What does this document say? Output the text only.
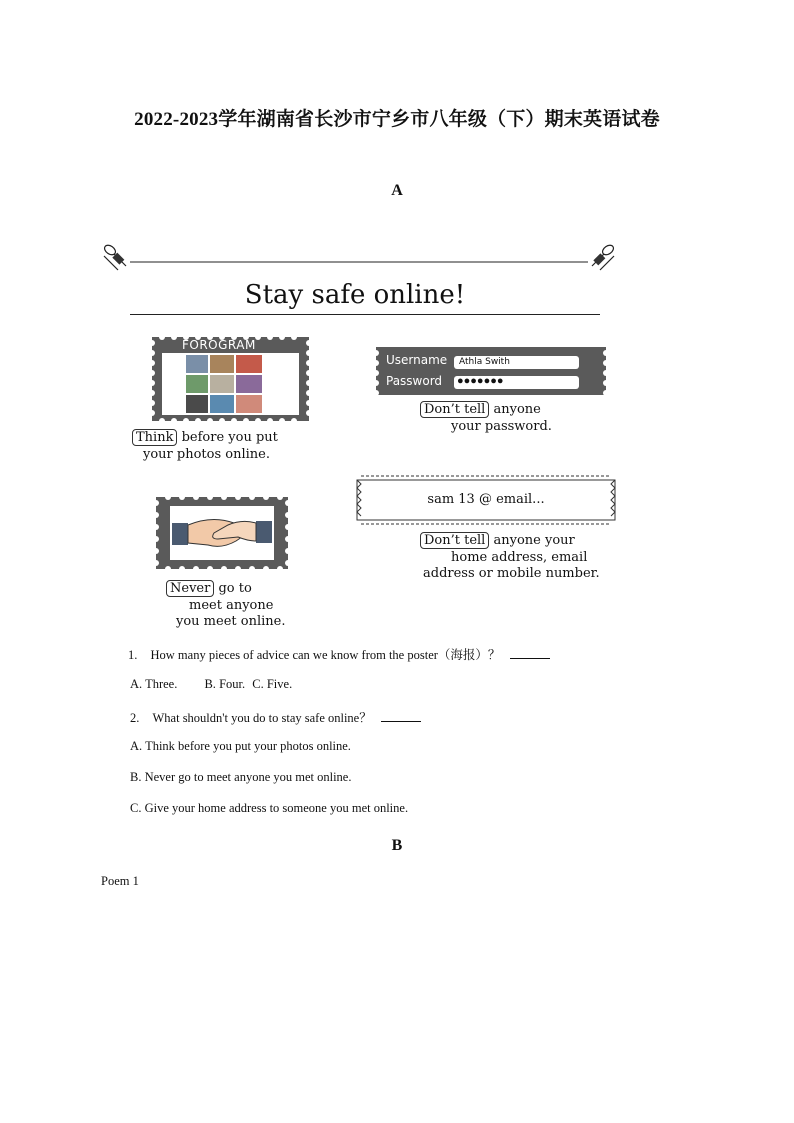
2022-2023学年湖南省长沙市宁乡市八年级（下）期末英语试卷
A
Stay safe online!
FOROGRAM
Think before you put
your photos online.
Username Athla Swith
Password ●●●●●●●
Don’t tell anyone
your password.
Never go to
meet anyone
you meet online.
sam 13 @ email...
Don’t tell anyone your
home address, email
address or mobile number.
1. How many pieces of advice can we know from the poster（海报）？
A. Three. B. Four. C. Five.
2. What shouldn't you do to stay safe online？
A. Think before you put your photos online.
B. Never go to meet anyone you met online.
C. Give your home address to someone you met online.
B
Poem 1
